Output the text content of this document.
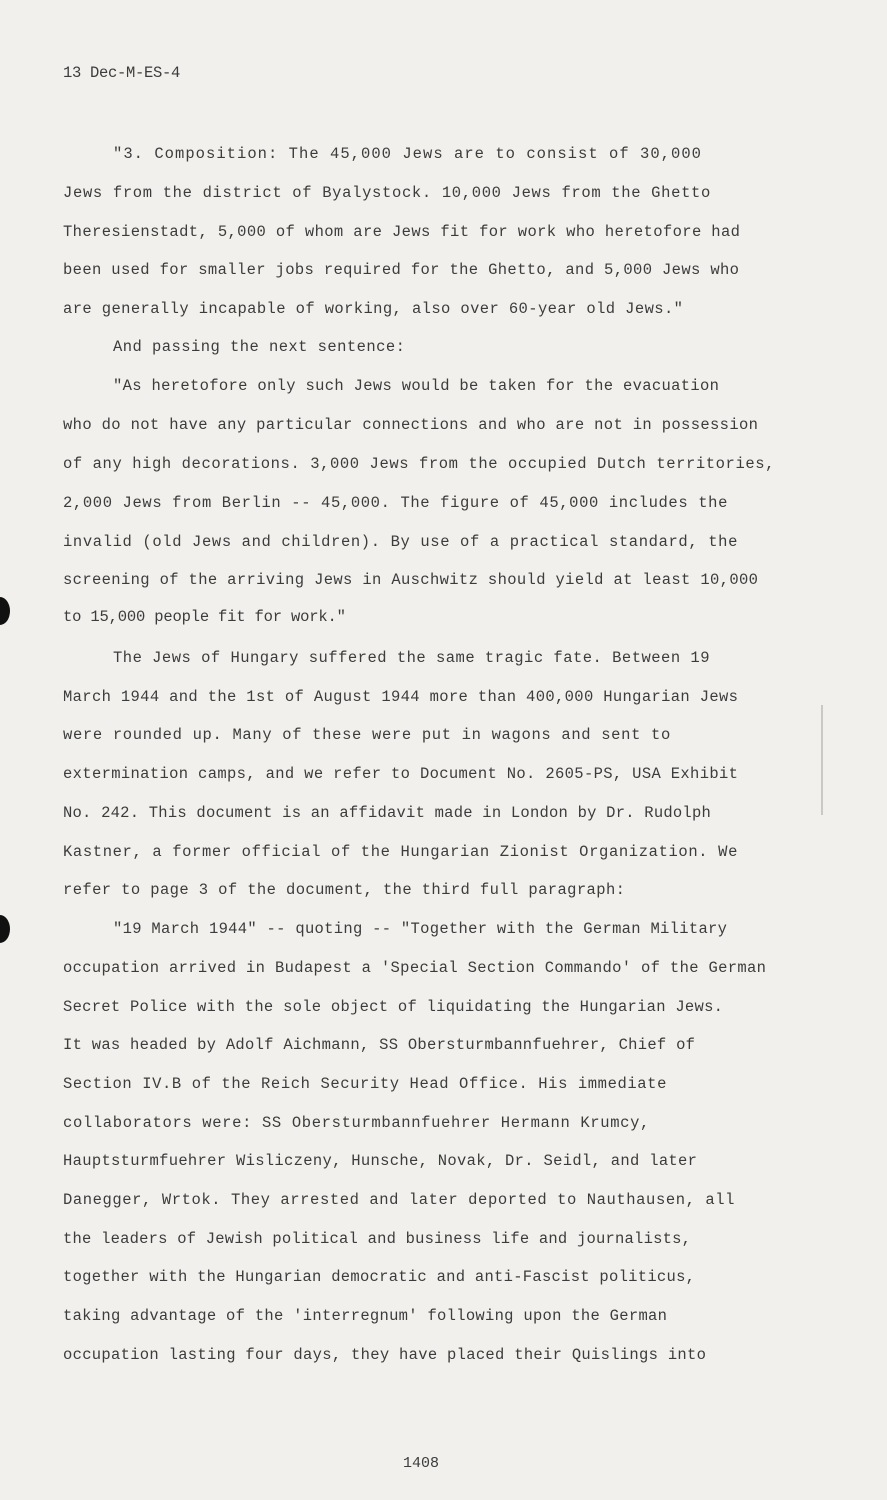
13 Dec-M-ES-4
"3. Composition: The 45,000 Jews are to consist of 30,000
Jews from the district of Byalystock. 10,000 Jews from the Ghetto
Theresienstadt, 5,000 of whom are Jews fit for work who heretofore had
been used for smaller jobs required for the Ghetto, and 5,000 Jews who
are generally incapable of working, also over 60-year old Jews."
And passing the next sentence:
"As heretofore only such Jews would be taken for the evacuation
who do not have any particular connections and who are not in possession
of any high decorations. 3,000 Jews from the occupied Dutch territories,
2,000 Jews from Berlin -- 45,000. The figure of 45,000 includes the
invalid (old Jews and children). By use of a practical standard, the
screening of the arriving Jews in Auschwitz should yield at least 10,000
to 15,000 people fit for work."
The Jews of Hungary suffered the same tragic fate. Between 19
March 1944 and the 1st of August 1944 more than 400,000 Hungarian Jews
were rounded up. Many of these were put in wagons and sent to
extermination camps, and we refer to Document No. 2605-PS, USA Exhibit
No. 242. This document is an affidavit made in London by Dr. Rudolph
Kastner, a former official of the Hungarian Zionist Organization. We
refer to page 3 of the document, the third full paragraph:
"19 March 1944" -- quoting -- "Together with the German Military
occupation arrived in Budapest a 'Special Section Commando' of the German
Secret Police with the sole object of liquidating the Hungarian Jews.
It was headed by Adolf Aichmann, SS Obersturmbannfuehrer, Chief of
Section IV.B of the Reich Security Head Office. His immediate
collaborators were: SS Obersturmbannfuehrer Hermann Krumcy,
Hauptsturmfuehrer Wisliczeny, Hunsche, Novak, Dr. Seidl, and later
Danegger, Wrtok. They arrested and later deported to Nauthausen, all
the leaders of Jewish political and business life and journalists,
together with the Hungarian democratic and anti-Fascist politicus,
taking advantage of the 'interregnum' following upon the German
occupation lasting four days, they have placed their Quislings into
1408
